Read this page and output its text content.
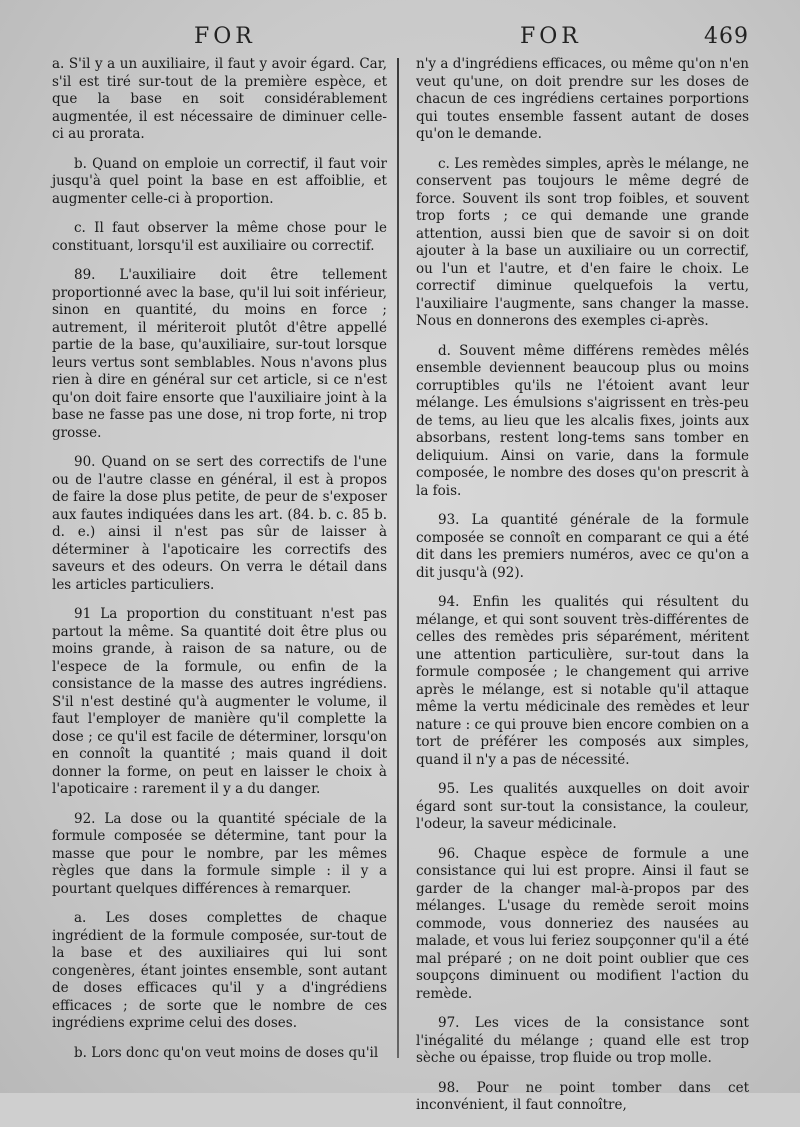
FOR	FOR	469

a. S'il y a un auxiliaire, il faut y avoir égard. Car, s'il est tiré sur-tout de la première espèce, et que la base en soit considérablement augmentée, il est nécessaire de diminuer celle-ci au prorata.

b. Quand on emploie un correctif, il faut voir jusqu'à quel point la base en est affoiblie, et augmenter celle-ci à proportion.

c. Il faut observer la même chose pour le constituant, lorsqu'il est auxiliaire ou correctif.

89. L'auxiliaire doit être tellement proportionné avec la base, qu'il lui soit inférieur, sinon en quantité, du moins en force ; autrement, il mériteroit plutôt d'être appellé partie de la base, qu'auxiliaire, sur-tout lorsque leurs vertus sont semblables. Nous n'avons plus rien à dire en général sur cet article, si ce n'est qu'on doit faire ensorte que l'auxiliaire joint à la base ne fasse pas une dose, ni trop forte, ni trop grosse.

90. Quand on se sert des correctifs de l'une ou de l'autre classe en général, il est à propos de faire la dose plus petite, de peur de s'exposer aux fautes indiquées dans les art. (84. b. c. 85 b. d. e.) ainsi il n'est pas sûr de laisser à déterminer à l'apoticaire les correctifs des saveurs et des odeurs. On verra le détail dans les articles particuliers.

91 La proportion du constituant n'est pas partout la même. Sa quantité doit être plus ou moins grande, à raison de sa nature, ou de l'espece de la formule, ou enfin de la consistance de la masse des autres ingrédiens. S'il n'est destiné qu'à augmenter le volume, il faut l'employer de manière qu'il complette la dose ; ce qu'il est facile de déterminer, lorsqu'on en connoît la quantité ; mais quand il doit donner la forme, on peut en laisser le choix à l'apoticaire : rarement il y a du danger.

92. La dose ou la quantité spéciale de la formule composée se détermine, tant pour la masse que pour le nombre, par les mêmes règles que dans la formule simple : il y a pourtant quelques différences à remarquer.

a. Les doses complettes de chaque ingrédient de la formule composée, sur-tout de la base et des auxiliaires qui lui sont congenères, étant jointes ensemble, sont autant de doses efficaces qu'il y a d'ingrédiens efficaces ; de sorte que le nombre de ces ingrédiens exprime celui des doses.

b. Lors donc qu'on veut moins de doses qu'il

n'y a d'ingrédiens efficaces, ou même qu'on n'en veut qu'une, on doit prendre sur les doses de chacun de ces ingrédiens certaines porportions qui toutes ensemble fassent autant de doses qu'on le demande.

c. Les remèdes simples, après le mélange, ne conservent pas toujours le même degré de force. Souvent ils sont trop foibles, et souvent trop forts ; ce qui demande une grande attention, aussi bien que de savoir si on doit ajouter à la base un auxiliaire ou un correctif, ou l'un et l'autre, et d'en faire le choix. Le correctif diminue quelquefois la vertu, l'auxiliaire l'augmente, sans changer la masse. Nous en donnerons des exemples ci-après.

d. Souvent même différens remèdes mêlés ensemble deviennent beaucoup plus ou moins corruptibles qu'ils ne l'étoient avant leur mélange. Les émulsions s'aigrissent en très-peu de tems, au lieu que les alcalis fixes, joints aux absorbans, restent long-tems sans tomber en deliquium. Ainsi on varie, dans la formule composée, le nombre des doses qu'on prescrit à la fois.

93. La quantité générale de la formule composée se connoît en comparant ce qui a été dit dans les premiers numéros, avec ce qu'on a dit jusqu'à (92).

94. Enfin les qualités qui résultent du mélange, et qui sont souvent très-différentes de celles des remèdes pris séparément, méritent une attention particulière, sur-tout dans la formule composée ; le changement qui arrive après le mélange, est si notable qu'il attaque même la vertu médicinale des remèdes et leur nature : ce qui prouve bien encore combien on a tort de préférer les composés aux simples, quand il n'y a pas de nécessité.

95. Les qualités auxquelles on doit avoir égard sont sur-tout la consistance, la couleur, l'odeur, la saveur médicinale.

96. Chaque espèce de formule a une consistance qui lui est propre. Ainsi il faut se garder de la changer mal-à-propos par des mélanges. L'usage du remède seroit moins commode, vous donneriez des nausées au malade, et vous lui feriez soupçonner qu'il a été mal préparé ; on ne doit point oublier que ces soupçons diminuent ou modifient l'action du remède.

97. Les vices de la consistance sont l'inégalité du mélange ; quand elle est trop sèche ou épaisse, trop fluide ou trop molle.

98. Pour ne point tomber dans cet inconvénient, il faut connoître,
